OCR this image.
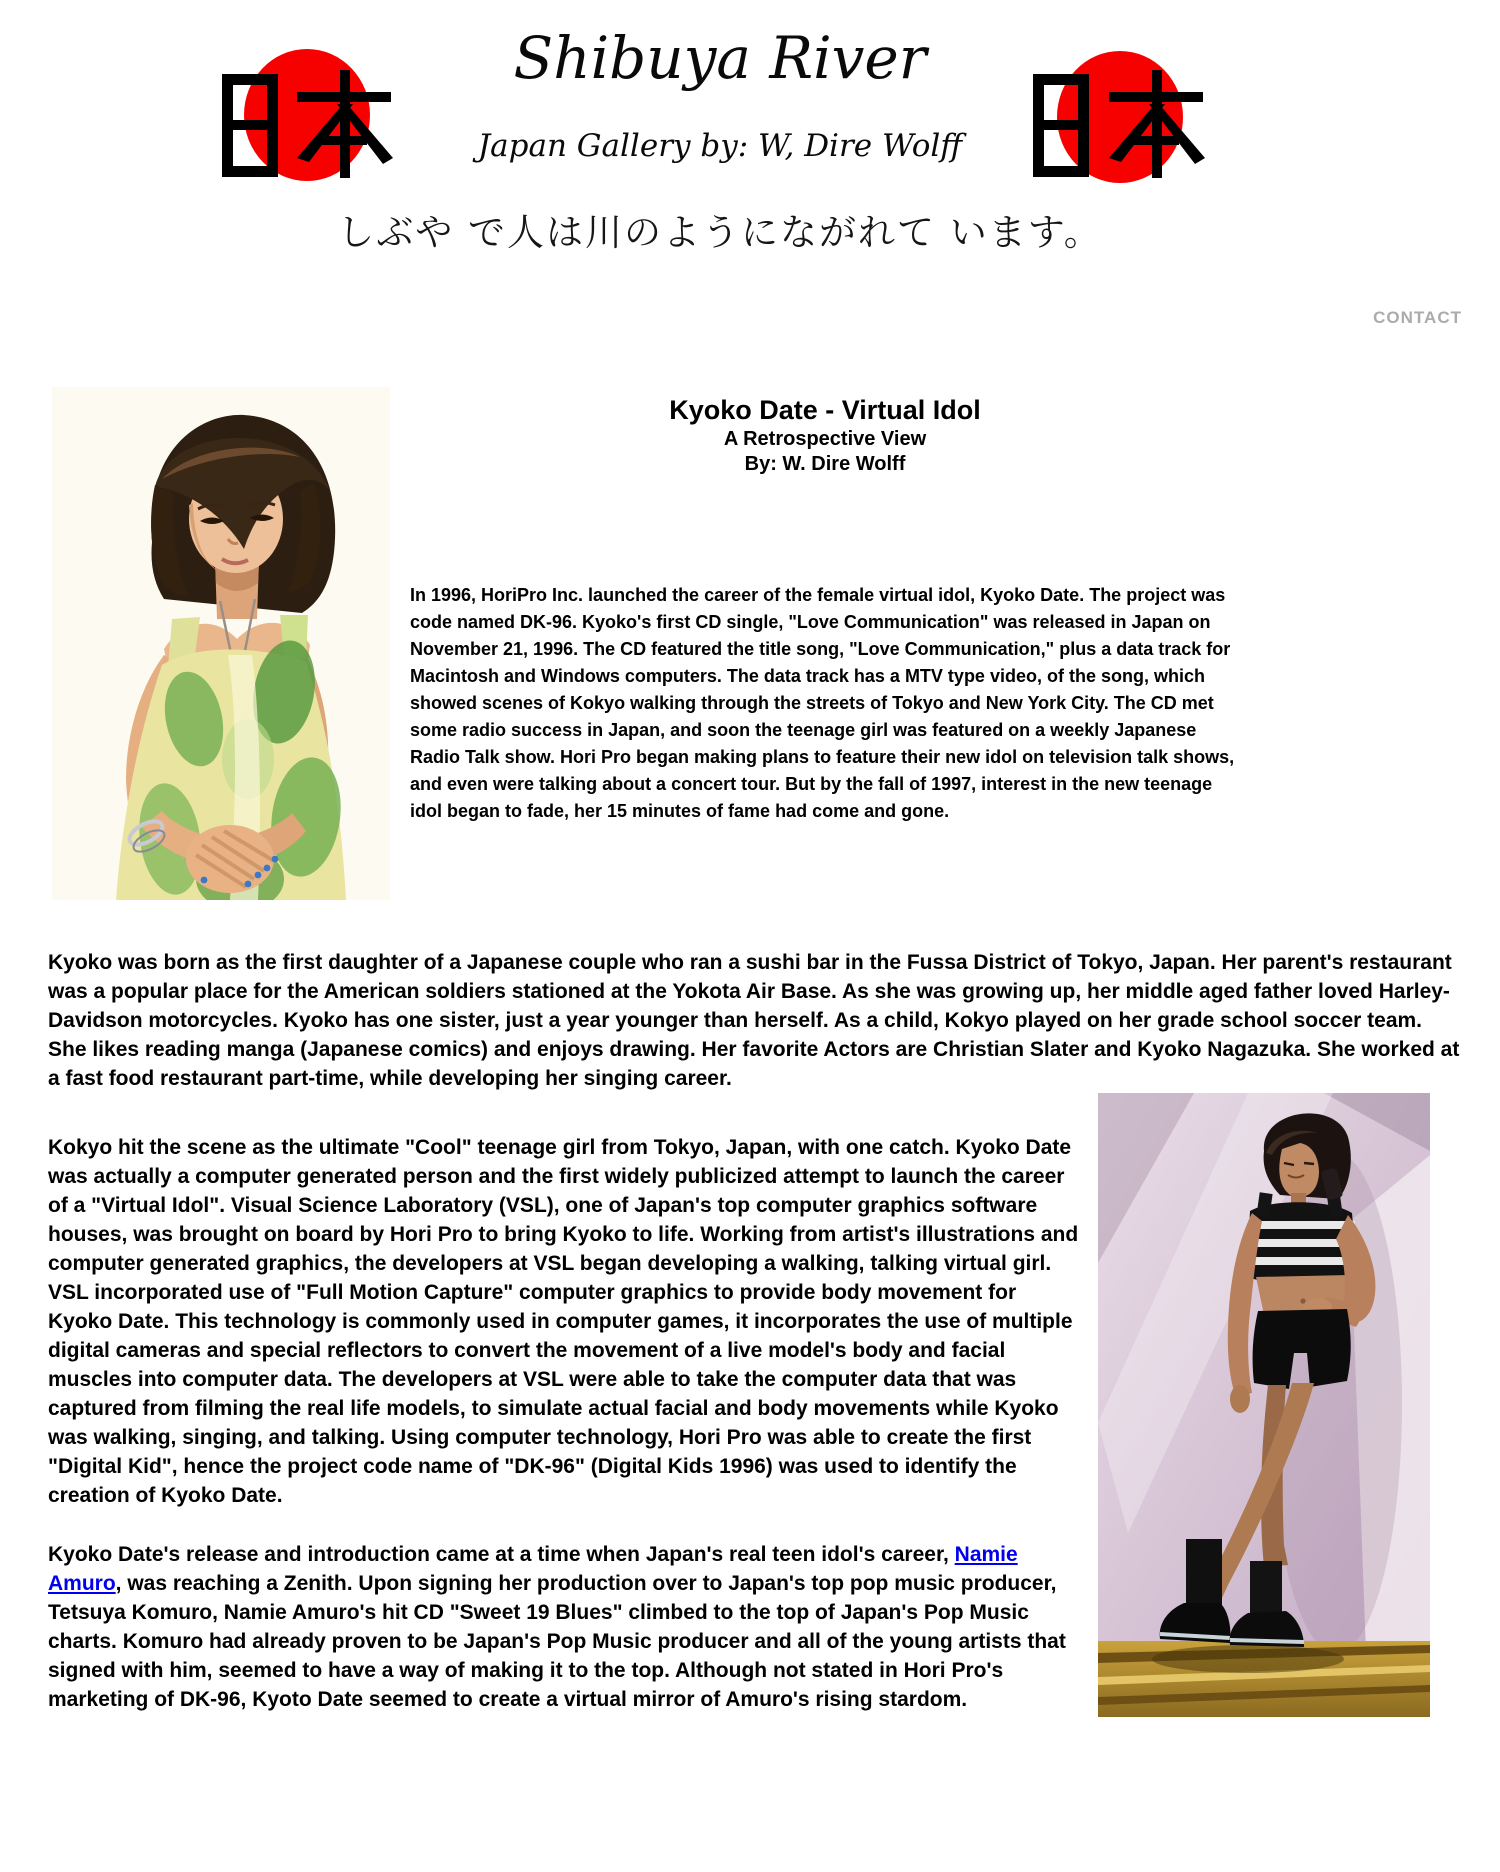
Shibuya River
Japan Gallery by: W, Dire Wolff
しぶや で人は川のようにながれて います。
CONTACT
Kyoko Date - Virtual Idol
A Retrospective View
By: W. Dire Wolff

In 1996, HoriPro Inc. launched the career of the female virtual idol, Kyoko Date. The project was code named DK-96. Kyoko's first CD single, "Love Communication" was released in Japan on November 21, 1996. The CD featured the title song, "Love Communication," plus a data track for Macintosh and Windows computers. The data track has a MTV type video, of the song, which showed scenes of Kokyo walking through the streets of Tokyo and New York City. The CD met some radio success in Japan, and soon the teenage girl was featured on a weekly Japanese Radio Talk show. Hori Pro began making plans to feature their new idol on television talk shows, and even were talking about a concert tour. But by the fall of 1997, interest in the new teenage idol began to fade, her 15 minutes of fame had come and gone.

Kyoko was born as the first daughter of a Japanese couple who ran a sushi bar in the Fussa District of Tokyo, Japan. Her parent's restaurant was a popular place for the American soldiers stationed at the Yokota Air Base. As she was growing up, her middle aged father loved Harley-Davidson motorcycles. Kyoko has one sister, just a year younger than herself. As a child, Kokyo played on her grade school soccer team. She likes reading manga (Japanese comics) and enjoys drawing. Her favorite Actors are Christian Slater and Kyoko Nagazuka. She worked at a fast food restaurant part-time, while developing her singing career.

Kokyo hit the scene as the ultimate "Cool" teenage girl from Tokyo, Japan, with one catch. Kyoko Date was actually a computer generated person and the first widely publicized attempt to launch the career of a "Virtual Idol". Visual Science Laboratory (VSL), one of Japan's top computer graphics software houses, was brought on board by Hori Pro to bring Kyoko to life. Working from artist's illustrations and computer generated graphics, the developers at VSL began developing a walking, talking virtual girl. VSL incorporated use of "Full Motion Capture" computer graphics to provide body movement for Kyoko Date. This technology is commonly used in computer games, it incorporates the use of multiple digital cameras and special reflectors to convert the movement of a live model's body and facial muscles into computer data. The developers at VSL were able to take the computer data that was captured from filming the real life models, to simulate actual facial and body movements while Kyoko was walking, singing, and talking. Using computer technology, Hori Pro was able to create the first "Digital Kid", hence the project code name of "DK-96" (Digital Kids 1996) was used to identify the creation of Kyoko Date.

Kyoko Date's release and introduction came at a time when Japan's real teen idol's career, Namie Amuro, was reaching a Zenith. Upon signing her production over to Japan's top pop music producer, Tetsuya Komuro, Namie Amuro's hit CD "Sweet 19 Blues" climbed to the top of Japan's Pop Music charts. Komuro had already proven to be Japan's Pop Music producer and all of the young artists that signed with him, seemed to have a way of making it to the top. Although not stated in Hori Pro's marketing of DK-96, Kyoto Date seemed to create a virtual mirror of Amuro's rising stardom.
